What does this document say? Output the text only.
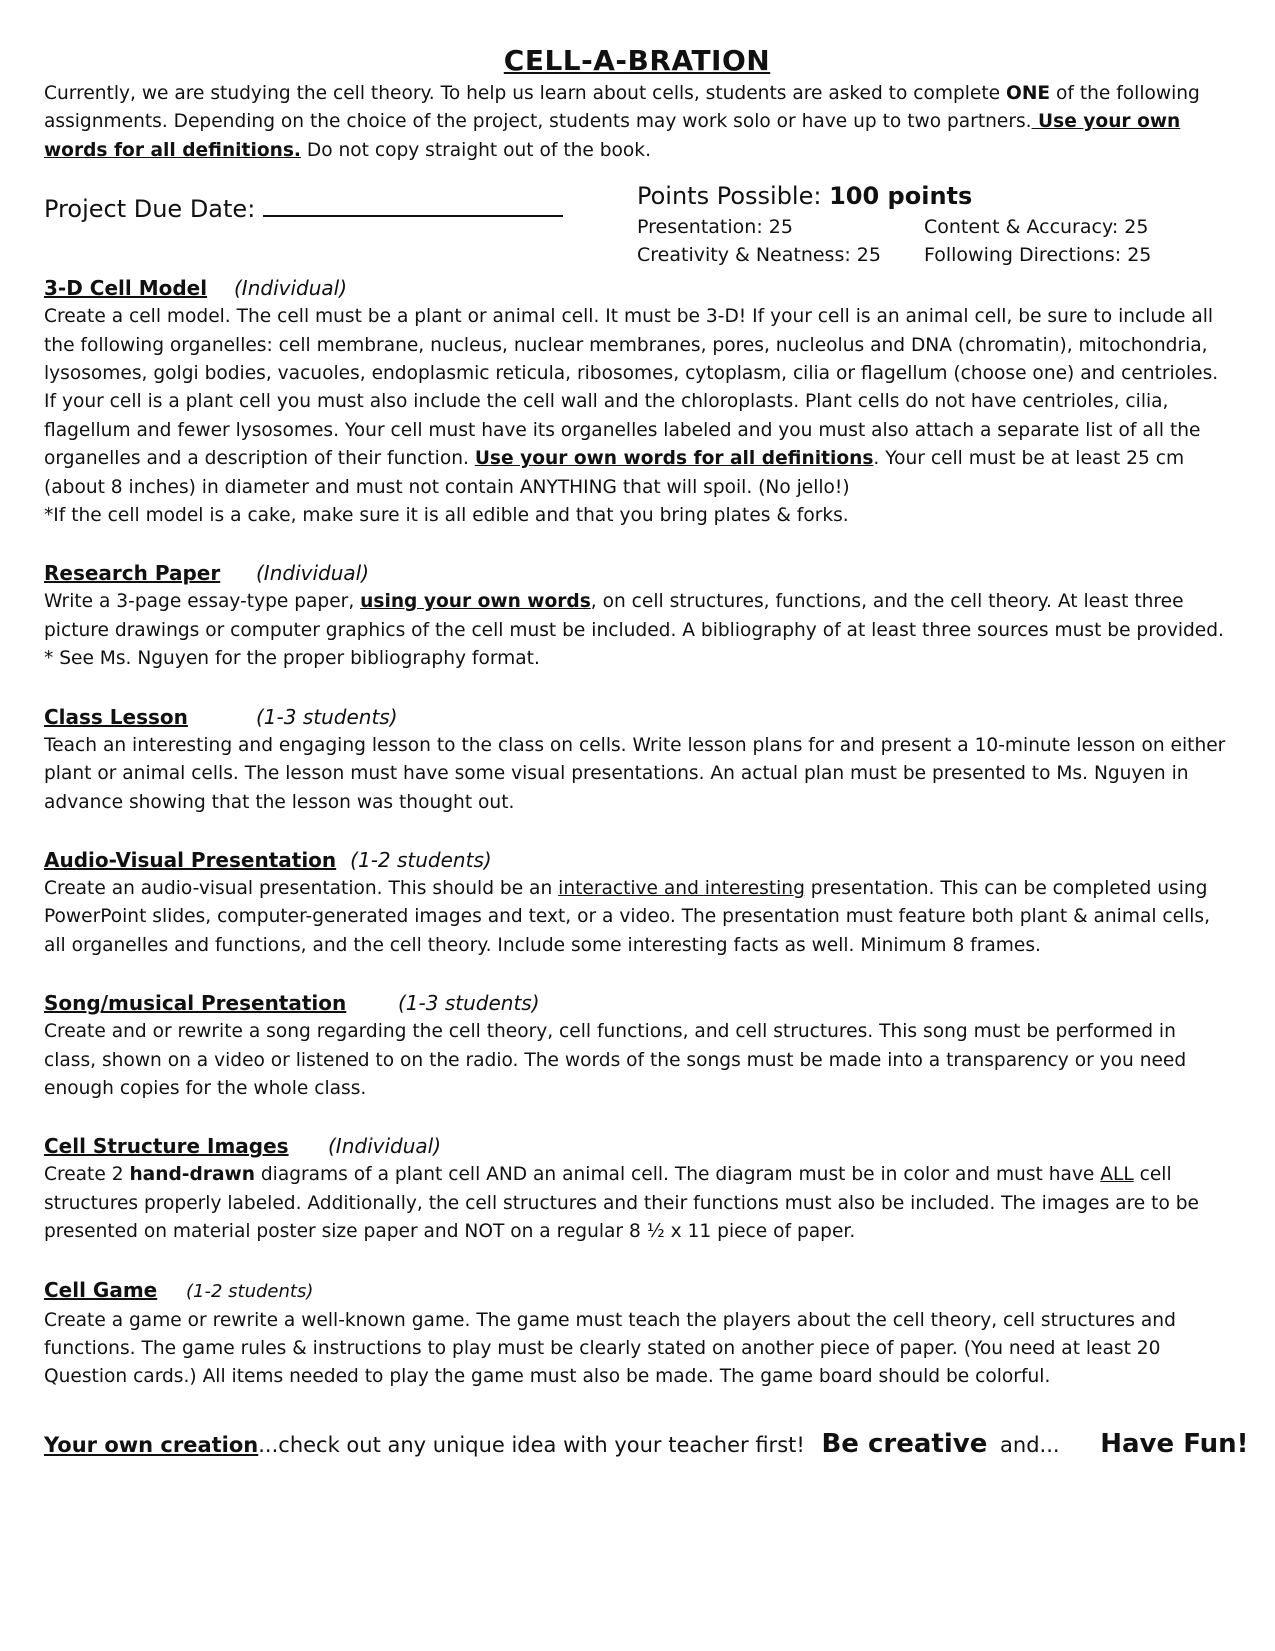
CELL-A-BRATION

Currently, we are studying the cell theory. To help us learn about cells, students are asked to complete ONE of the following assignments. Depending on the choice of the project, students may work solo or have up to two partners. Use your own words for all definitions. Do not copy straight out of the book.

Project Due Date:	Points Possible: 100 points
Presentation: 25	Content & Accuracy: 25
Creativity & Neatness: 25	Following Directions: 25
3-D Cell Model (Individual)

Create a cell model. The cell must be a plant or animal cell. It must be 3-D! If your cell is an animal cell, be sure to include all the following organelles: cell membrane, nucleus, nuclear membranes, pores, nucleolus and DNA (chromatin), mitochondria, lysosomes, golgi bodies, vacuoles, endoplasmic reticula, ribosomes, cytoplasm, cilia or flagellum (choose one) and centrioles. If your cell is a plant cell you must also include the cell wall and the chloroplasts. Plant cells do not have centrioles, cilia, flagellum and fewer lysosomes. Your cell must have its organelles labeled and you must also attach a separate list of all the organelles and a description of their function. Use your own words for all definitions. Your cell must be at least 25 cm (about 8 inches) in diameter and must not contain ANYTHING that will spoil. (No jello!)

*If the cell model is a cake, make sure it is all edible and that you bring plates & forks.

Research Paper (Individual)

Write a 3-page essay-type paper, using your own words, on cell structures, functions, and the cell theory. At least three picture drawings or computer graphics of the cell must be included. A bibliography of at least three sources must be provided. * See Ms. Nguyen for the proper bibliography format.

Class Lesson	(1-3 students)

Teach an interesting and engaging lesson to the class on cells. Write lesson plans for and present a 10-minute lesson on either plant or animal cells. The lesson must have some visual presentations. An actual plan must be presented to Ms. Nguyen in advance showing that the lesson was thought out.

Audio-Visual Presentation (1-2 students)

Create an audio-visual presentation. This should be an interactive and interesting presentation. This can be completed using PowerPoint slides, computer-generated images and text, or a video. The presentation must feature both plant & animal cells, all organelles and functions, and the cell theory. Include some interesting facts as well. Minimum 8 frames.

Song/musical Presentation	(1-3 students)

Create and or rewrite a song regarding the cell theory, cell functions, and cell structures. This song must be performed in class, shown on a video or listened to on the radio. The words of the songs must be made into a transparency or you need enough copies for the whole class.

Cell Structure Images (Individual)

Create 2 hand-drawn diagrams of a plant cell AND an animal cell. The diagram must be in color and must have ALL cell structures properly labeled. Additionally, the cell structures and their functions must also be included. The images are to be presented on material poster size paper and NOT on a regular 8 ½ x 11 piece of paper.

Cell Game (1-2 students)

Create a game or rewrite a well-known game. The game must teach the players about the cell theory, cell structures and functions. The game rules & instructions to play must be clearly stated on another piece of paper. (You need at least 20 Question cards.) All items needed to play the game must also be made. The game board should be colorful.

Your own creation...check out any unique idea with your teacher first! Be creative and... Have Fun!
